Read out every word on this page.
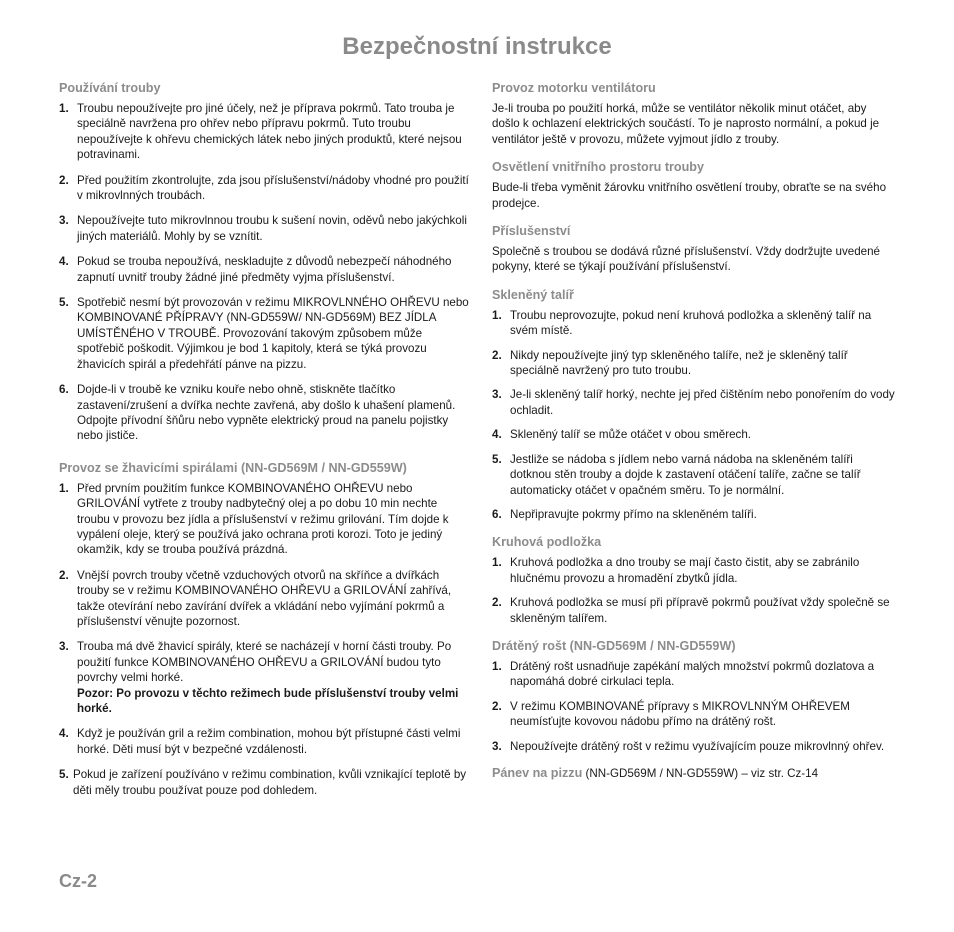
Bezpečnostní instrukce

Používání trouby

1. Troubu nepoužívejte pro jiné účely, než je příprava pokrmů. Tato trouba je speciálně navržena pro ohřev nebo přípravu pokrmů. Tuto troubu nepoužívejte k ohřevu chemických látek nebo jiných produktů, které nejsou potravinami.
2. Před použitím zkontrolujte, zda jsou příslušenství/nádoby vhodné pro použití v mikrovlnných troubách.
3. Nepoužívejte tuto mikrovlnnou troubu k sušení novin, oděvů nebo jakýchkoli jiných materiálů. Mohly by se vznítit.
4. Pokud se trouba nepoužívá, neskladujte z důvodů nebezpečí náhodného zapnutí uvnitř trouby žádné jiné předměty vyjma příslušenství.
5. Spotřebič nesmí být provozován v režimu MIKROVLNNÉHO OHŘEVU nebo KOMBINOVANÉ PŘÍPRAVY (NN-GD559W/ NN-GD569M) BEZ JÍDLA UMÍSTĚNÉHO V TROUBĚ. Provozování takovým způsobem může spotřebič poškodit. Výjimkou je bod 1 kapitoly, která se týká provozu žhavicích spirál a předehřátí pánve na pizzu.
6. Dojde-li v troubě ke vzniku kouře nebo ohně, stiskněte tlačítko zastavení/zrušení a dvířka nechte zavřená, aby došlo k uhašení plamenů.
Odpojte přívodní šňůru nebo vypněte elektrický proud na panelu pojistky nebo jističe.

Provoz se žhavicími spirálami (NN-GD569M / NN-GD559W)

1. Před prvním použitím funkce KOMBINOVANÉHO OHŘEVU nebo GRILOVÁNÍ vytřete z trouby nadbytečný olej a po dobu 10 min nechte troubu v provozu bez jídla a příslušenství v režimu grilování. Tím dojde k vypálení oleje, který se používá jako ochrana proti korozi. Toto je jediný okamžik, kdy se trouba používá prázdná.
2. Vnější povrch trouby včetně vzduchových otvorů na skříňce a dvířkách trouby se v režimu KOMBINOVANÉHO OHŘEVU a GRILOVÁNÍ zahřívá, takže otevírání nebo zavírání dvířek a vkládání nebo vyjímání pokrmů a příslušenství věnujte pozornost.
3. Trouba má dvě žhavicí spirály, které se nacházejí v horní části trouby. Po použití funkce KOMBINOVANÉHO OHŘEVU a GRILOVÁNÍ budou tyto povrchy velmi horké.
Pozor: Po provozu v těchto režimech bude příslušenství trouby velmi horké.
4. Když je používán gril a režim combination, mohou být přístupné části velmi horké. Děti musí být v bezpečné vzdálenosti.
5. Pokud je zařízení používáno v režimu combination, kvůli vznikající teplotě by děti měly troubu používat pouze pod dohledem.

Provoz motorku ventilátoru

Je-li trouba po použití horká, může se ventilátor několik minut otáčet, aby došlo k ochlazení elektrických součástí. To je naprosto normální, a pokud je ventilátor ještě v provozu, můžete vyjmout jídlo z trouby.

Osvětlení vnitřního prostoru trouby

Bude-li třeba vyměnit žárovku vnitřního osvětlení trouby, obraťte se na svého prodejce.

Příslušenství

Společně s troubou se dodává různé příslušenství. Vždy dodržujte uvedené pokyny, které se týkají používání příslušenství.

Skleněný talíř

1. Troubu neprovozujte, pokud není kruhová podložka a skleněný talíř na svém místě.
2. Nikdy nepoužívejte jiný typ skleněného talíře, než je skleněný talíř speciálně navržený pro tuto troubu.
3. Je-li skleněný talíř horký, nechte jej před čištěním nebo ponořením do vody ochladit.
4. Skleněný talíř se může otáčet v obou směrech.
5. Jestliže se nádoba s jídlem nebo varná nádoba na skleněném talíři dotknou stěn trouby a dojde k zastavení otáčení talíře, začne se talíř automaticky otáčet v opačném směru. To je normální.
6. Nepřipravujte pokrmy přímo na skleněném talíři.

Kruhová podložka

1. Kruhová podložka a dno trouby se mají často čistit, aby se zabránilo hlučnému provozu a hromadění zbytků jídla.
2. Kruhová podložka se musí při přípravě pokrmů používat vždy společně se skleněným talířem.

Drátěný rošt (NN-GD569M / NN-GD559W)

1. Drátěný rošt usnadňuje zapékání malých množství pokrmů dozlatova a napomáhá dobré cirkulaci tepla.
2. V režimu KOMBINOVANÉ přípravy s MIKROVLNNÝM OHŘEVEM neumísťujte kovovou nádobu přímo na drátěný rošt.
3. Nepoužívejte drátěný rošt v režimu využívajícím pouze mikrovlnný ohřev.

Pánev na pizzu (NN-GD569M / NN-GD559W) – viz str. Cz-14

Cz-2
